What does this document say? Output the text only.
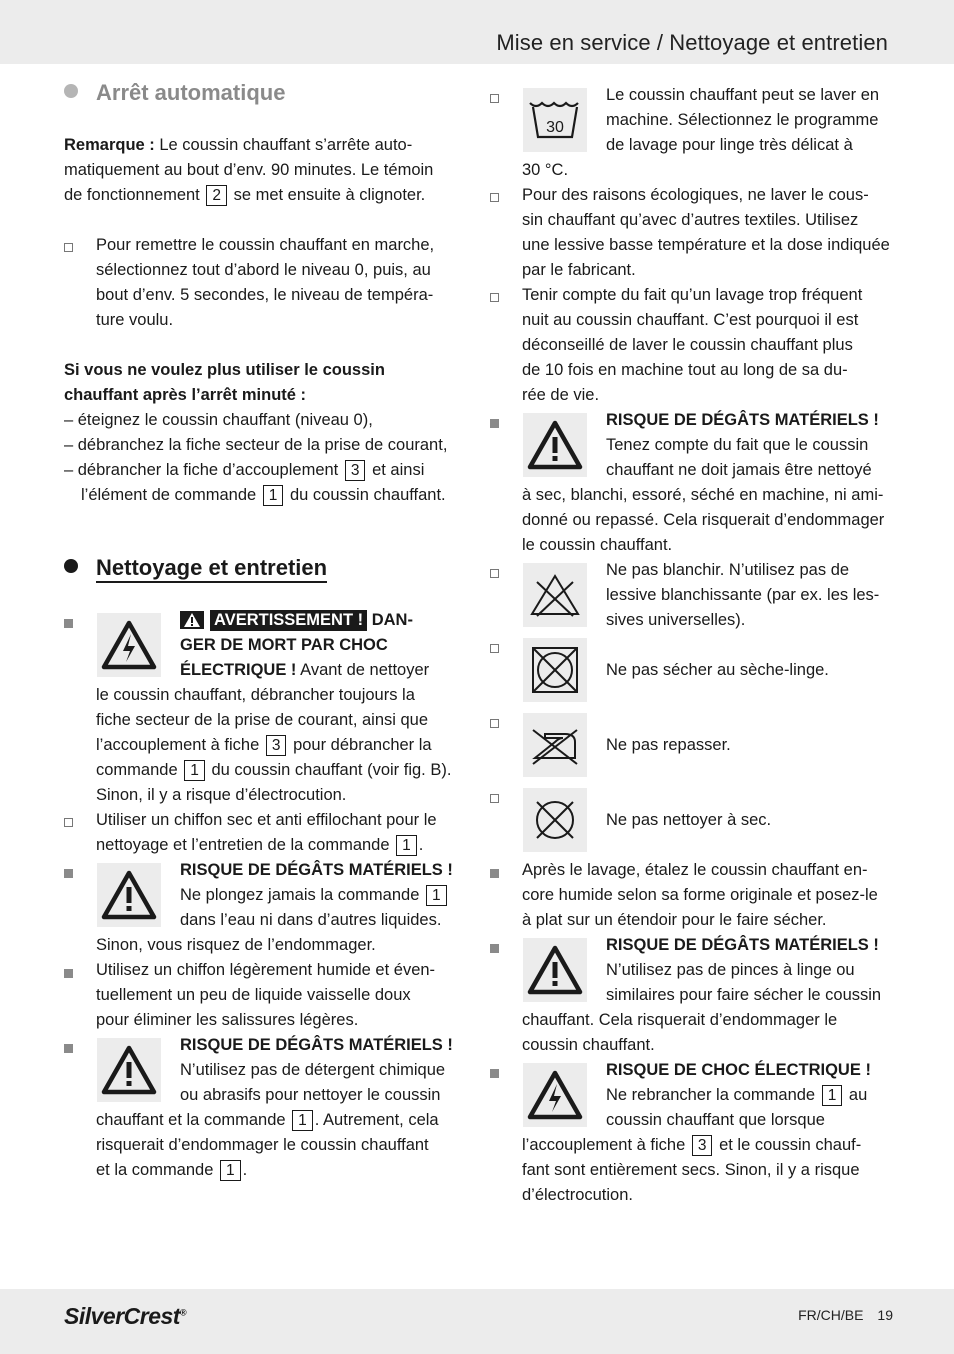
Mise en service / Nettoyage et entretien
Arrêt automatique
Remarque : Le coussin chauffant s’arrête auto-
matiquement au bout d’env. 90 minutes. Le témoin
de fonctionnement 2 se met ensuite à clignoter.
Pour remettre le coussin chauffant en marche,
sélectionnez tout d’abord le niveau 0, puis, au
bout d’env. 5 secondes, le niveau de tempéra-
ture voulu.
Si vous ne voulez plus utiliser le coussin
chauffant après l’arrêt minuté :
– éteignez le coussin chauffant (niveau 0),
– débranchez la fiche secteur de la prise de courant,
– débrancher la fiche d’accouplement 3 et ainsi
l’élément de commande 1 du coussin chauffant.
Nettoyage et entretien
AVERTISSEMENT ! DAN-
GER DE MORT PAR CHOC
ÉLECTRIQUE ! Avant de nettoyer
le coussin chauffant, débrancher toujours la
fiche secteur de la prise de courant, ainsi que
l’accouplement à fiche 3 pour débrancher la
commande 1 du coussin chauffant (voir fig. B).
Sinon, il y a risque d’électrocution.
Utiliser un chiffon sec et anti effilochant pour le
nettoyage et l’entretien de la commande 1 .
RISQUE DE DÉGÂTS MATÉRIELS !
Ne plongez jamais la commande 1
dans l’eau ni dans d’autres liquides.
Sinon, vous risquez de l’endommager.
Utilisez un chiffon légèrement humide et éven-
tuellement un peu de liquide vaisselle doux
pour éliminer les salissures légères.
RISQUE DE DÉGÂTS MATÉRIELS !
N’utilisez pas de détergent chimique
ou abrasifs pour nettoyer le coussin
chauffant et la commande 1 . Autrement, cela
risquerait d’endommager le coussin chauffant
et la commande 1 .
30
Le coussin chauffant peut se laver en
machine. Sélectionnez le programme
de lavage pour linge très délicat à
30 °C.
Pour des raisons écologiques, ne laver le cous-
sin chauffant qu’avec d’autres textiles. Utilisez
une lessive basse température et la dose indiquée
par le fabricant.
Tenir compte du fait qu’un lavage trop fréquent
nuit au coussin chauffant. C’est pourquoi il est
déconseillé de laver le coussin chauffant plus
de 10 fois en machine tout au long de sa du-
rée de vie.
RISQUE DE DÉGÂTS MATÉRIELS !
Tenez compte du fait que le coussin
chauffant ne doit jamais être nettoyé
à sec, blanchi, essoré, séché en machine, ni ami-
donné ou repassé. Cela risquerait d’endommager
le coussin chauffant.
Ne pas blanchir. N’utilisez pas de
lessive blanchissante (par ex. les les-
sives universelles).
Ne pas sécher au sèche-linge.
Ne pas repasser.
Ne pas nettoyer à sec.
Après le lavage, étalez le coussin chauffant en-
core humide selon sa forme originale et posez-le
à plat sur un étendoir pour le faire sécher.
RISQUE DE DÉGÂTS MATÉRIELS !
N’utilisez pas de pinces à linge ou
similaires pour faire sécher le coussin
chauffant. Cela risquerait d’endommager le
coussin chauffant.
RISQUE DE CHOC ÉLECTRIQUE !
Ne rebrancher la commande 1 au
coussin chauffant que lorsque
l’accouplement à fiche 3 et le coussin chauf-
fant sont entièrement secs. Sinon, il y a risque
d’électrocution.
SilverCrest®	FR/CH/BE 19
